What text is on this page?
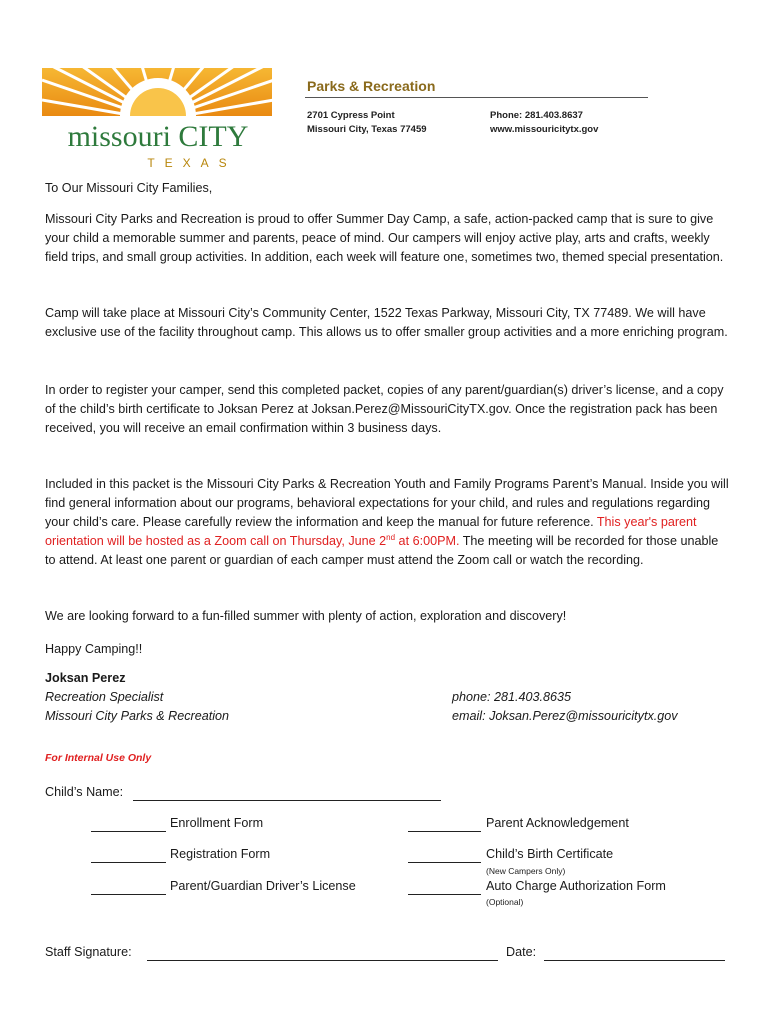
missouri CITY
TEXAS
Parks & Recreation
2701 Cypress Point
Missouri City, Texas 77459
Phone: 281.403.8637
www.missouricitytx.gov
To Our Missouri City Families,
Missouri City Parks and Recreation is proud to offer Summer Day Camp, a safe, action-packed camp that is sure to give your child a memorable summer and parents, peace of mind. Our campers will enjoy active play, arts and crafts, weekly field trips, and small group activities. In addition, each week will feature one, sometimes two, themed special presentation.
Camp will take place at Missouri City’s Community Center, 1522 Texas Parkway, Missouri City, TX 77489. We will have exclusive use of the facility throughout camp. This allows us to offer smaller group activities and a more enriching program.
In order to register your camper, send this completed packet, copies of any parent/guardian(s) driver’s license, and a copy of the child’s birth certificate to Joksan Perez at Joksan.Perez@MissouriCityTX.gov. Once the registration pack has been received, you will receive an email confirmation within 3 business days.
Included in this packet is the Missouri City Parks & Recreation Youth and Family Programs Parent’s Manual. Inside you will find general information about our programs, behavioral expectations for your child, and rules and regulations regarding your child’s care. Please carefully review the information and keep the manual for future reference. This year's parent orientation will be hosted as a Zoom call on Thursday, June 2nd at 6:00PM. The meeting will be recorded for those unable to attend. At least one parent or guardian of each camper must attend the Zoom call or watch the recording.
We are looking forward to a fun-filled summer with plenty of action, exploration and discovery!
Happy Camping!!
Joksan Perez
Recreation Specialist
Missouri City Parks & Recreation
phone: 281.403.8635
email: Joksan.Perez@missouricitytx.gov
For Internal Use Only
Child’s Name:
Enrollment Form
Registration Form
Parent/Guardian Driver’s License
Parent Acknowledgement
Child’s Birth Certificate
(New Campers Only)
Auto Charge Authorization Form
(Optional)
Staff Signature:	Date:
